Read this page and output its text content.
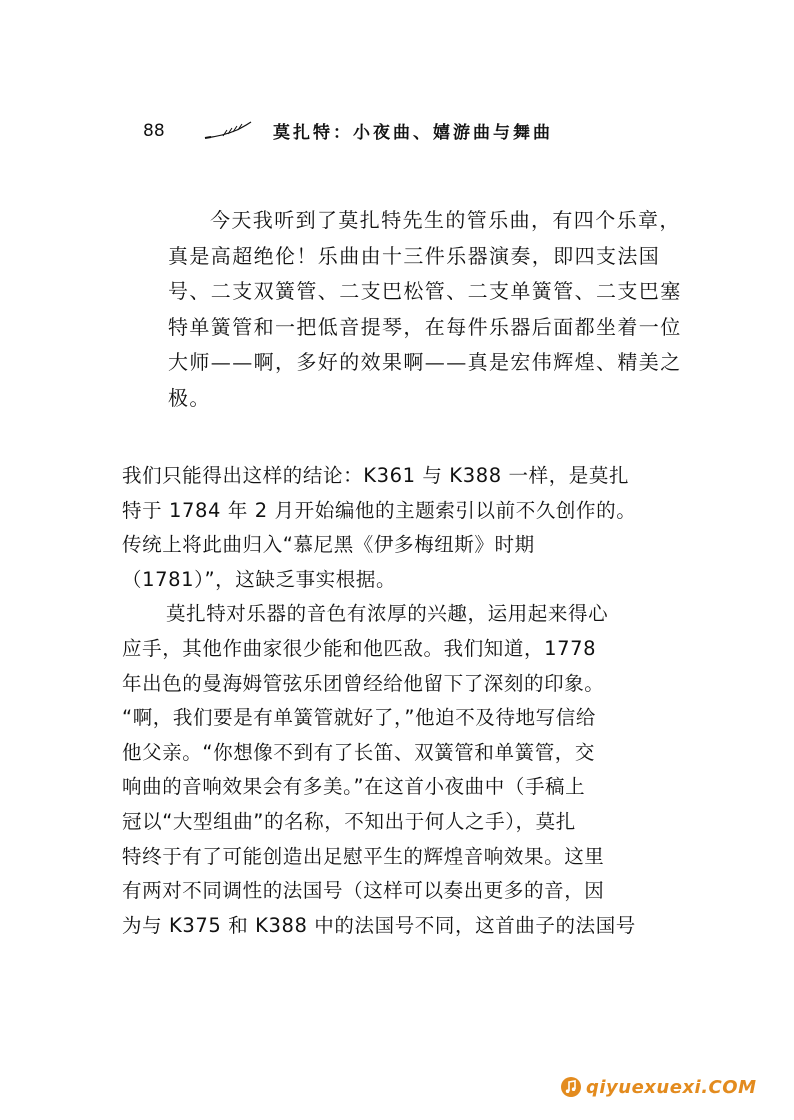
88	莫扎特：小夜曲、嬉游曲与舞曲

今天我听到了莫扎特先生的管乐曲，有四个乐章，真是高超绝伦！乐曲由十三件乐器演奏，即四支法国号、二支双簧管、二支巴松管、二支单簧管、二支巴塞特单簧管和一把低音提琴，在每件乐器后面都坐着一位大师——啊，多好的效果啊——真是宏伟辉煌、精美之极。

我们只能得出这样的结论：K361 与 K388 一样，是莫扎
特于 1784 年 2 月开始编他的主题索引以前不久创作的。
传统上将此曲归入“慕尼黑《伊多梅纽斯》时期
（1781）”，这缺乏事实根据。
莫扎特对乐器的音色有浓厚的兴趣，运用起来得心
应手，其他作曲家很少能和他匹敌。我们知道，1778
年出色的曼海姆管弦乐团曾经给他留下了深刻的印象。
“啊，我们要是有单簧管就好了，”他迫不及待地写信给
他父亲。“你想像不到有了长笛、双簧管和单簧管，交
响曲的音响效果会有多美。”在这首小夜曲中（手稿上
冠以“大型组曲”的名称，不知出于何人之手），莫扎
特终于有了可能创造出足慰平生的辉煌音响效果。这里
有两对不同调性的法国号（这样可以奏出更多的音，因
为与 K375 和 K388 中的法国号不同，这首曲子的法国号
qiyuexuexi.COM
